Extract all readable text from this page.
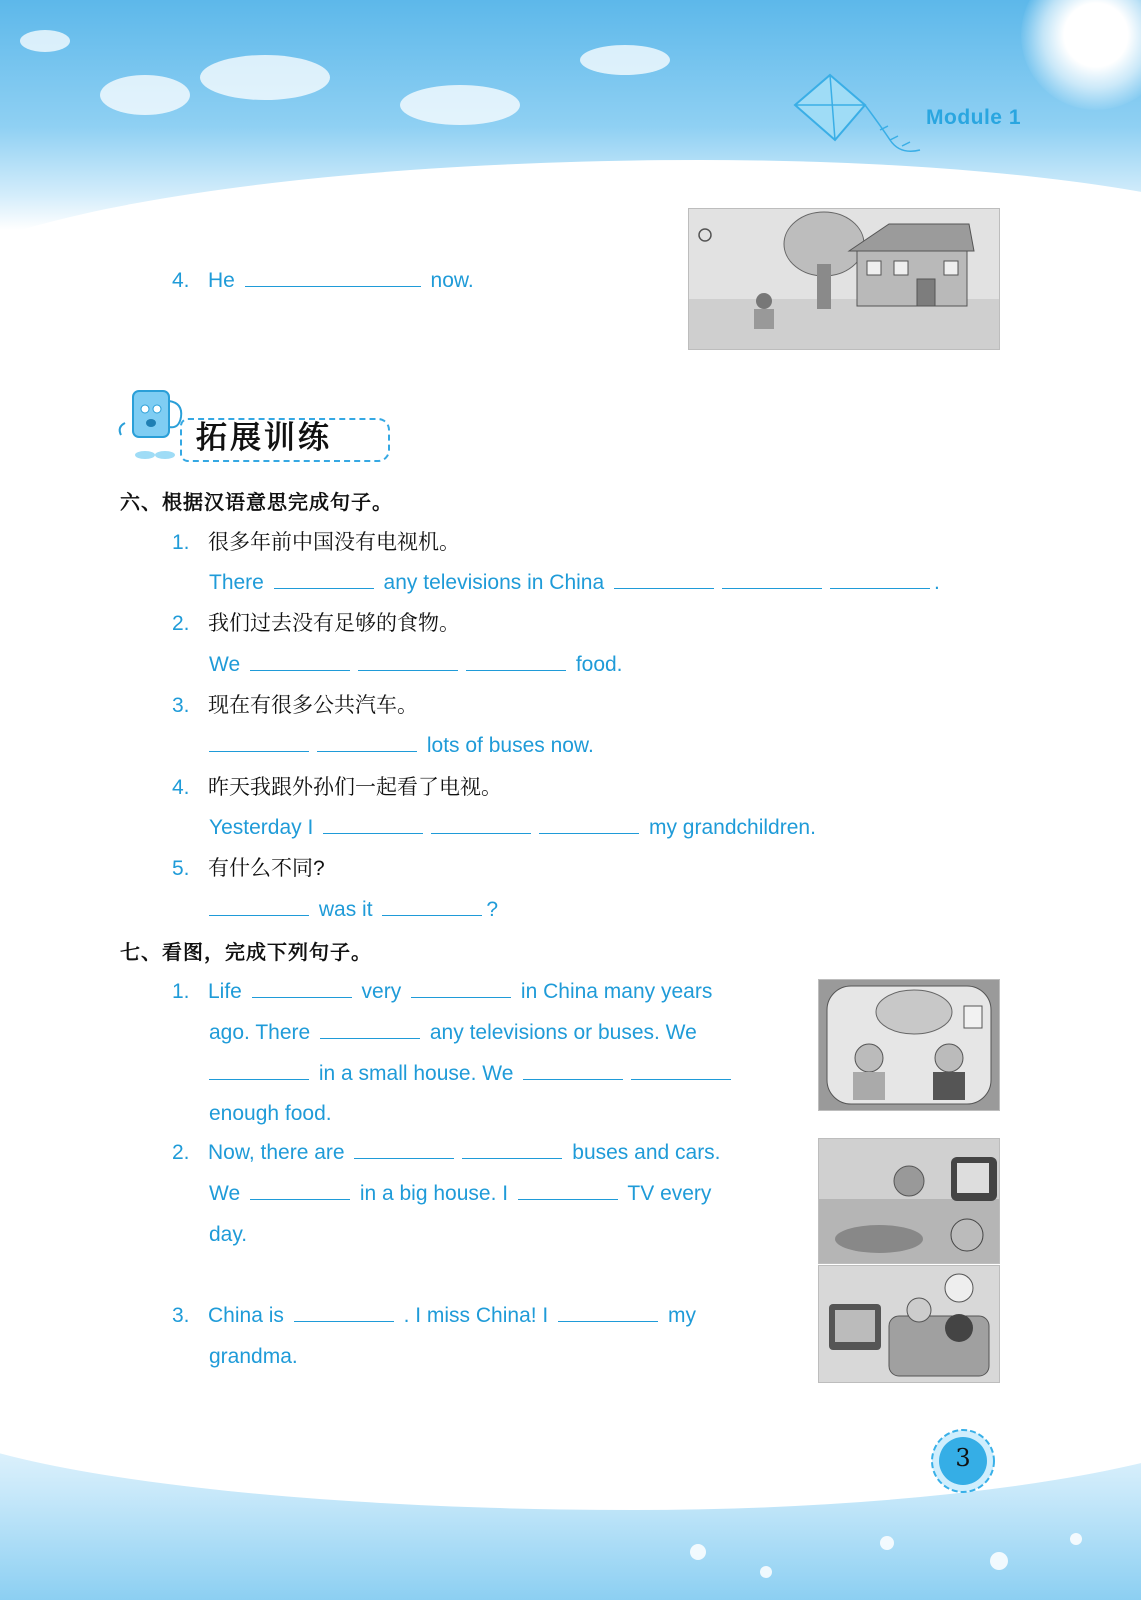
Module 1
4. He	now.
拓展训练
六、根据汉语意思完成句子。
1. 很多年前中国没有电视机。
There	any televisions in China	.
2. 我们过去没有足够的食物。
We	food.
3. 现在有很多公共汽车。
lots of buses now.
4. 昨天我跟外孙们一起看了电视。
Yesterday I	my grandchildren.
5. 有什么不同?
was it	?
七、看图，完成下列句子。
1. Life	very	in China many years
ago. There	any televisions or buses. We
in a small house. We
enough food.
2. Now, there are	buses and cars.
We	in a big house. I	TV every
day.
3. China is	. I miss China! I	my
grandma.
3
